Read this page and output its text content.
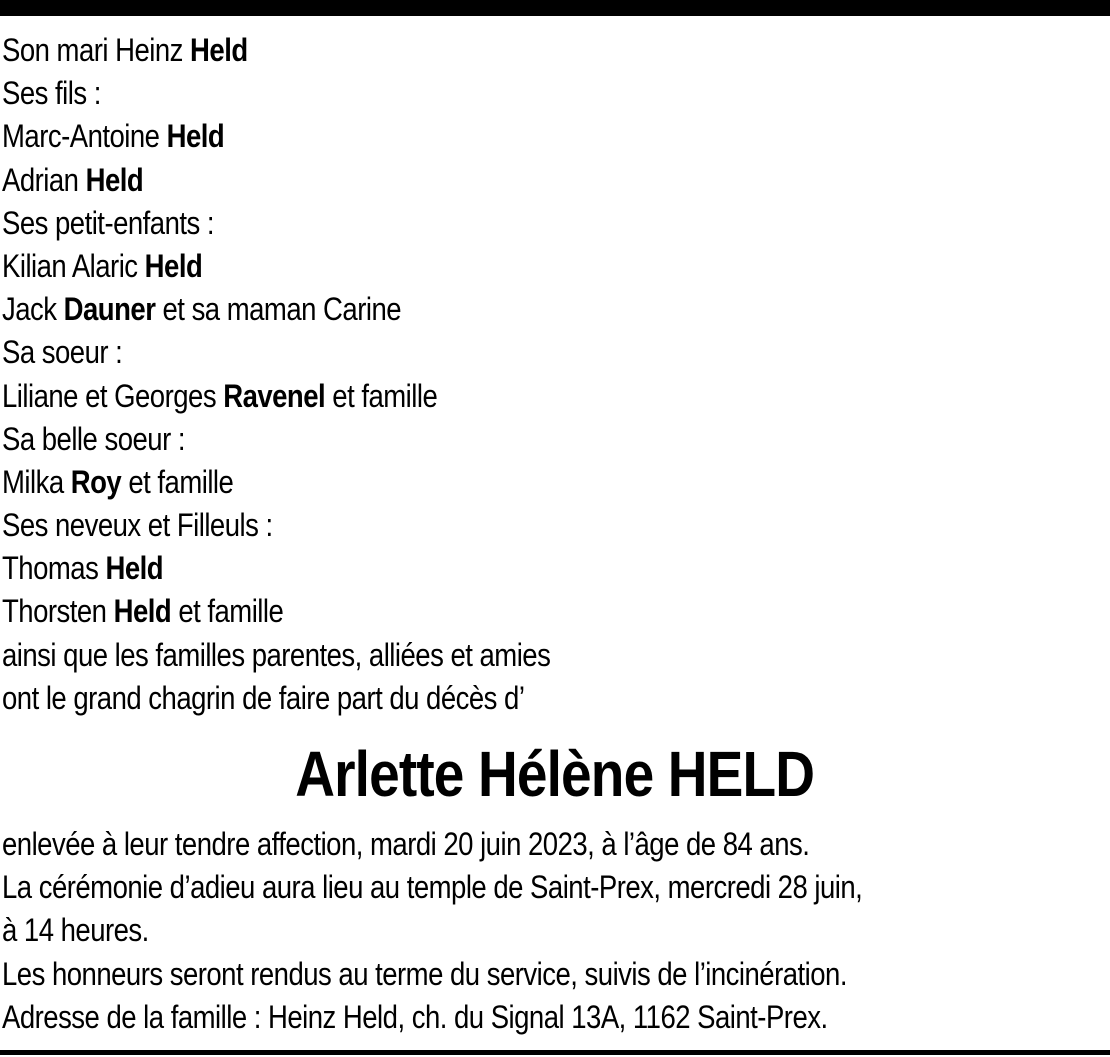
Son mari Heinz Held
Ses fils :
Marc-Antoine Held
Adrian Held
Ses petit-enfants :
Kilian Alaric Held
Jack Dauner et sa maman Carine
Sa soeur :
Liliane et Georges Ravenel et famille
Sa belle soeur :
Milka Roy et famille
Ses neveux et Filleuls :
Thomas Held
Thorsten Held et famille
ainsi que les familles parentes, alliées et amies
ont le grand chagrin de faire part du décès d’
Arlette Hélène HELD
enlevée à leur tendre affection, mardi 20 juin 2023, à l’âge de 84 ans.
La cérémonie d’adieu aura lieu au temple de Saint-Prex, mercredi 28 juin,
à 14 heures.
Les honneurs seront rendus au terme du service, suivis de l’incinération.
Adresse de la famille : Heinz Held, ch. du Signal 13A, 1162 Saint-Prex.
